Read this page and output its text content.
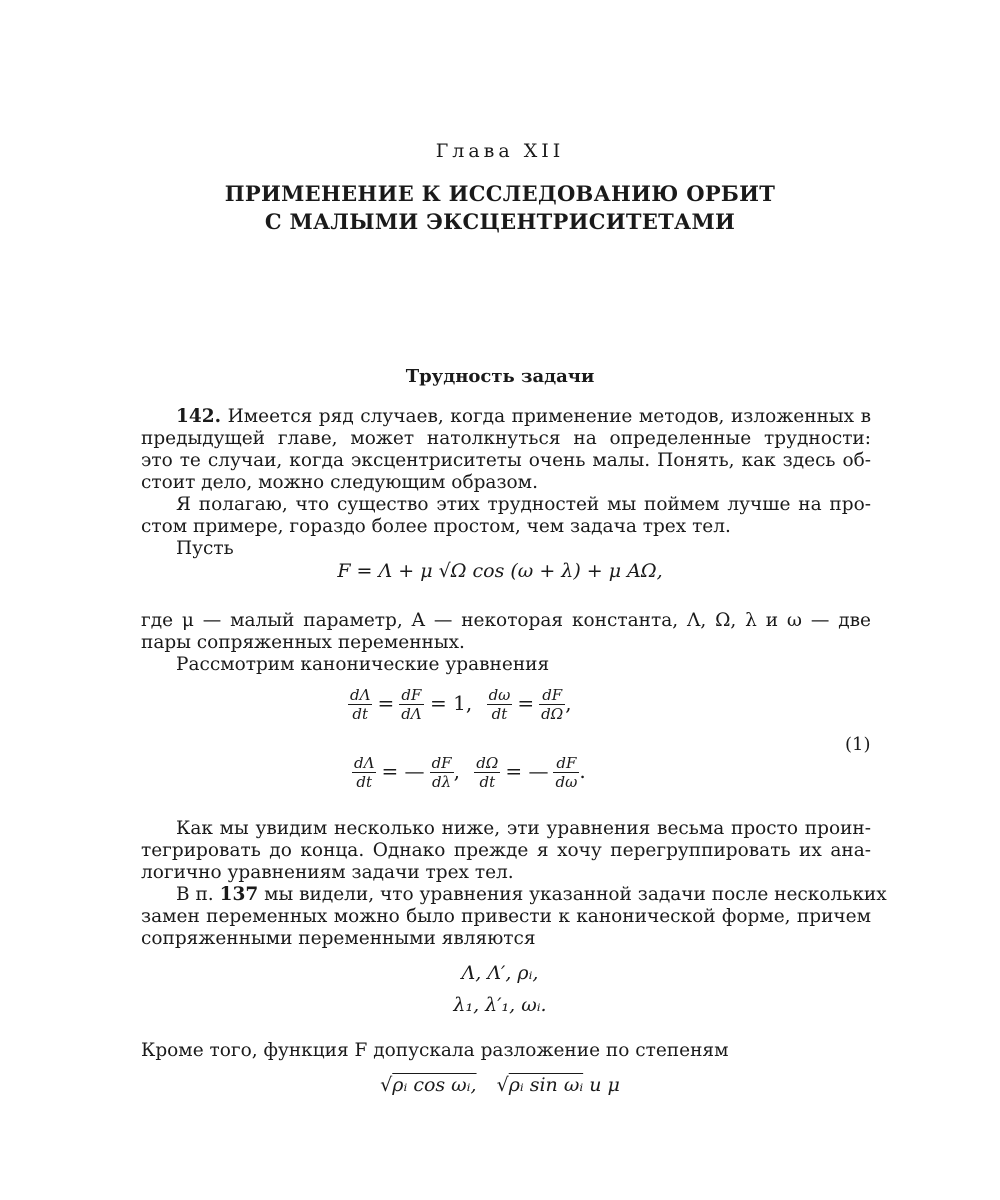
Глава XII
ПРИМЕНЕНИЕ К ИССЛЕДОВАНИЮ ОРБИТ
С МАЛЫМИ ЭКСЦЕНТРИСИТЕТАМИ
Трудность задачи
142. Имеется ряд случаев, когда применение методов, изложенных в
предыдущей главе, может натолкнуться на определенные трудности:
это те случаи, когда эксцентриситеты очень малы. Понять, как здесь об-
стоит дело, можно следующим образом.
Я полагаю, что существо этих трудностей мы поймем лучше на про-
стом примере, гораздо более простом, чем задача трех тел.
Пусть
F = Λ + μ √Ω cos (ω + λ) + μ AΩ,
где μ — малый параметр, A — некоторая константа, Λ, Ω, λ и ω — две
пары сопряженных переменных.
Рассмотрим канонические уравнения
$\frac{d\Lambda}{dt} = \frac{dF}{d\Lambda} = 1$, $\frac{d\omega}{dt} = \frac{dF}{d\Omega}$ ,
$\frac{d\Lambda}{dt}$ = — $\frac{dF}{d\lambda}$ , $\frac{d\Omega}{dt}$ = — $\frac{dF}{d\omega}$ .
(1)
Как мы увидим несколько ниже, эти уравнения весьма просто проин-
тегрировать до конца. Однако прежде я хочу перегруппировать их ана-
логично уравнениям задачи трех тел.
В п. 137 мы видели, что уравнения указанной задачи после нескольких
замен переменных можно было привести к канонической форме, причем
сопряженными переменными являются
Λ, Λ′, ρᵢ,
λ₁, λ′₁, ωᵢ.
Кроме того, функция F допускала разложение по степеням
√ρᵢ cos ωᵢ, √ρᵢ sin ωᵢ и μ
